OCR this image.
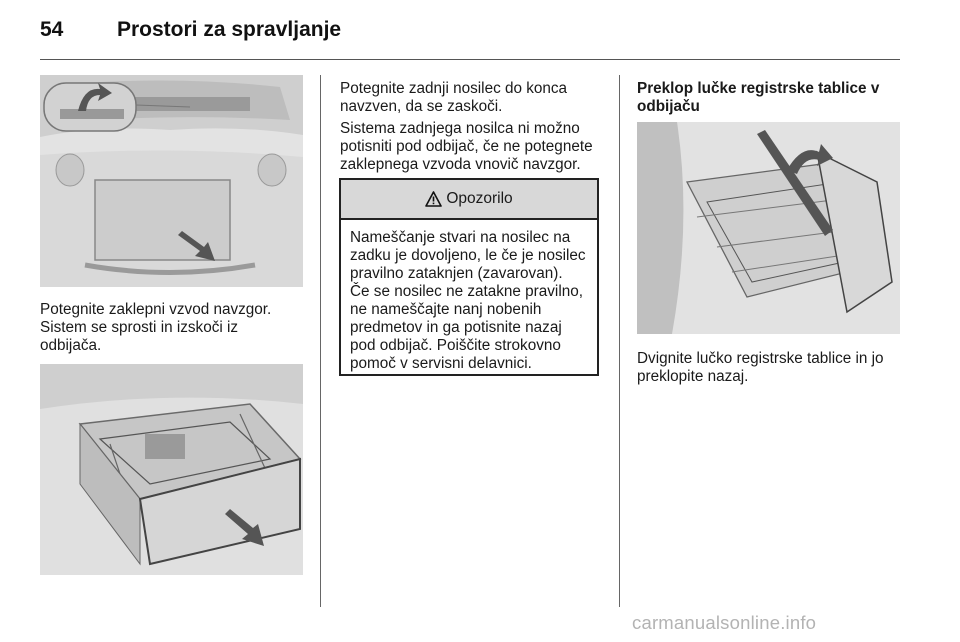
54	Prostori za spravljanje
Potegnite zaklepni vzvod navzgor.
Sistem se sprosti in izskoči iz
odbijača.
Potegnite zadnji nosilec do konca
navzven, da se zaskoči.
Sistema zadnjega nosilca ni možno
potisniti pod odbijač, če ne potegnete
zaklepnega vzvoda vnovič navzgor.
Opozorilo
Nameščanje stvari na nosilec na
zadku je dovoljeno, le če je nosilec
pravilno zataknjen (zavarovan).
Če se nosilec ne zatakne pravilno,
ne nameščajte nanj nobenih
predmetov in ga potisnite nazaj
pod odbijač. Poiščite strokovno
pomoč v servisni delavnici.
Preklop lučke registrske tablice v
odbijaču
Dvignite lučko registrske tablice in jo
preklopite nazaj.
carmanualsonline.info
